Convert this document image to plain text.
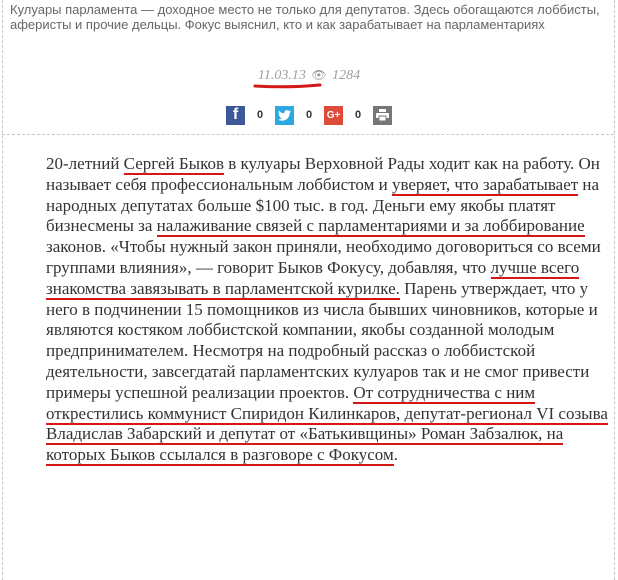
Кулуары парламента — доходное место не только для депутатов. Здесь обогащаются лоббисты, аферисты и прочие дельцы. Фокус выяснил, кто и как зарабатывает на парламентариях
11.03.13 👁 1284
f	0	0	G+	0

20-летний Сергей Быков в кулуары Верховной Рады ходит как на работу. Он называет себя профессиональным лоббистом и уверяет, что зарабатывает на народных депутатах больше $100 тыс. в год. Деньги ему якобы платят бизнесмены за налаживание связей с парламентариями и за лоббирование законов. «Чтобы нужный закон приняли, необходимо договориться со всеми группами влияния», — говорит Быков Фокусу, добавляя, что лучше всего знакомства завязывать в парламентской курилке. Парень утверждает, что у него в подчинении 15 помощников из числа бывших чиновников, которые и являются костяком лоббистской компании, якобы созданной молодым предпринимателем. Несмотря на подробный рассказ о лоббистской деятельности, завсегдатай парламентских кулуаров так и не смог привести примеры успешной реализации проектов. От сотрудничества с ним открестились коммунист Спиридон Килинкаров, депутат-регионал VI созыва Владислав Забарский и депутат от «Батькивщины» Роман Забзалюк, на которых Быков ссылался в разговоре с Фокусом.
